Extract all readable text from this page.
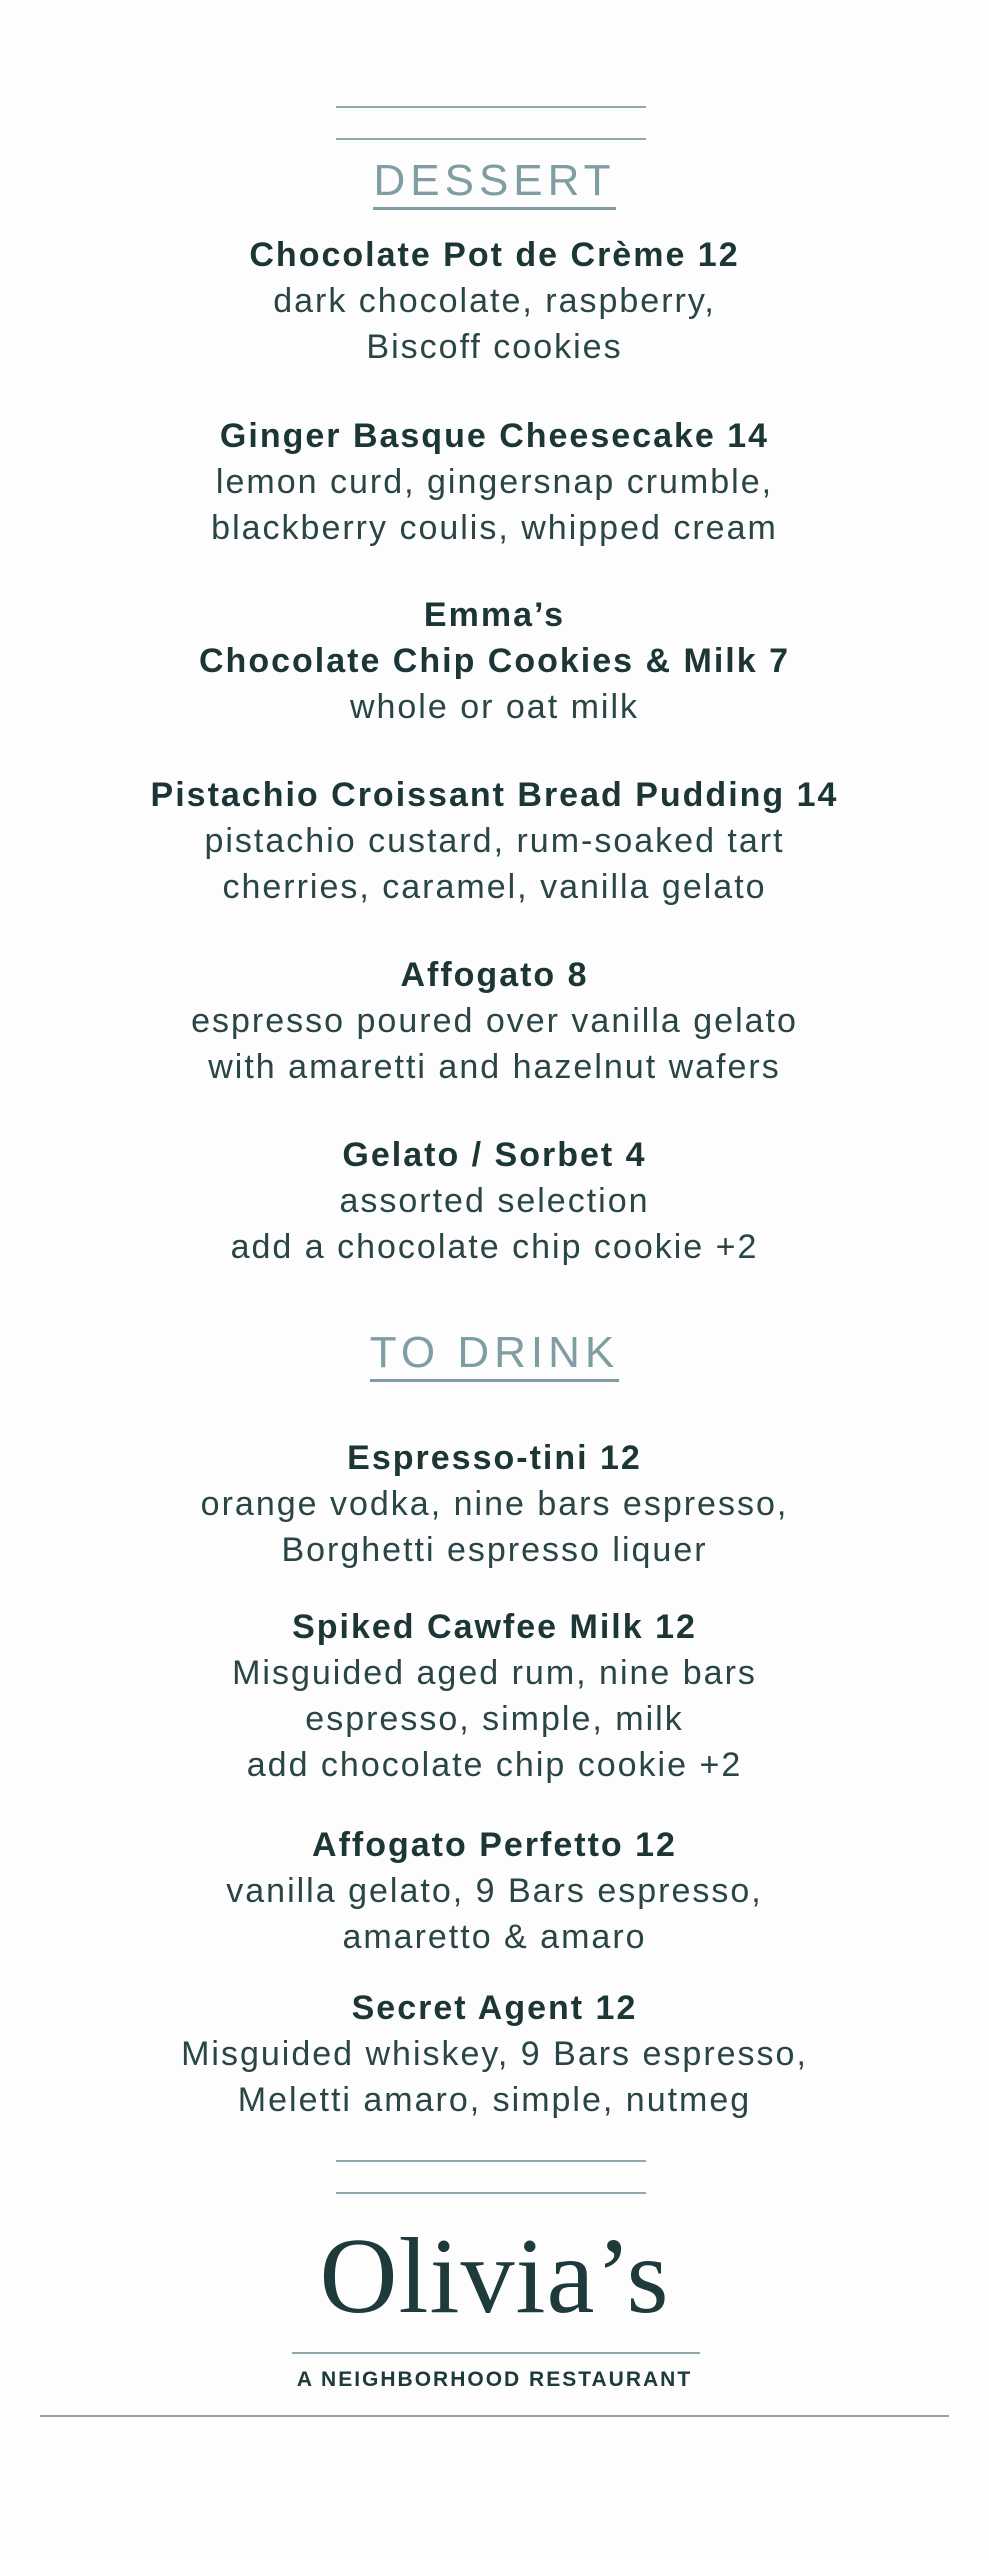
DESSERT
Chocolate Pot de Crème 12
dark chocolate, raspberry,
Biscoff cookies
Ginger Basque Cheesecake 14
lemon curd, gingersnap crumble,
blackberry coulis, whipped cream
Emma’s
Chocolate Chip Cookies & Milk 7
whole or oat milk
Pistachio Croissant Bread Pudding 14
pistachio custard, rum-soaked tart
cherries, caramel, vanilla gelato
Affogato 8
espresso poured over vanilla gelato
with amaretti and hazelnut wafers
Gelato / Sorbet 4
assorted selection
add a chocolate chip cookie +2
TO DRINK
Espresso-tini 12
orange vodka, nine bars espresso,
Borghetti espresso liquer
Spiked Cawfee Milk 12
Misguided aged rum, nine bars
espresso, simple, milk
add chocolate chip cookie +2
Affogato Perfetto 12
vanilla gelato, 9 Bars espresso,
amaretto & amaro
Secret Agent 12
Misguided whiskey, 9 Bars espresso,
Meletti amaro, simple, nutmeg
Olivia’s
A NEIGHBORHOOD RESTAURANT
